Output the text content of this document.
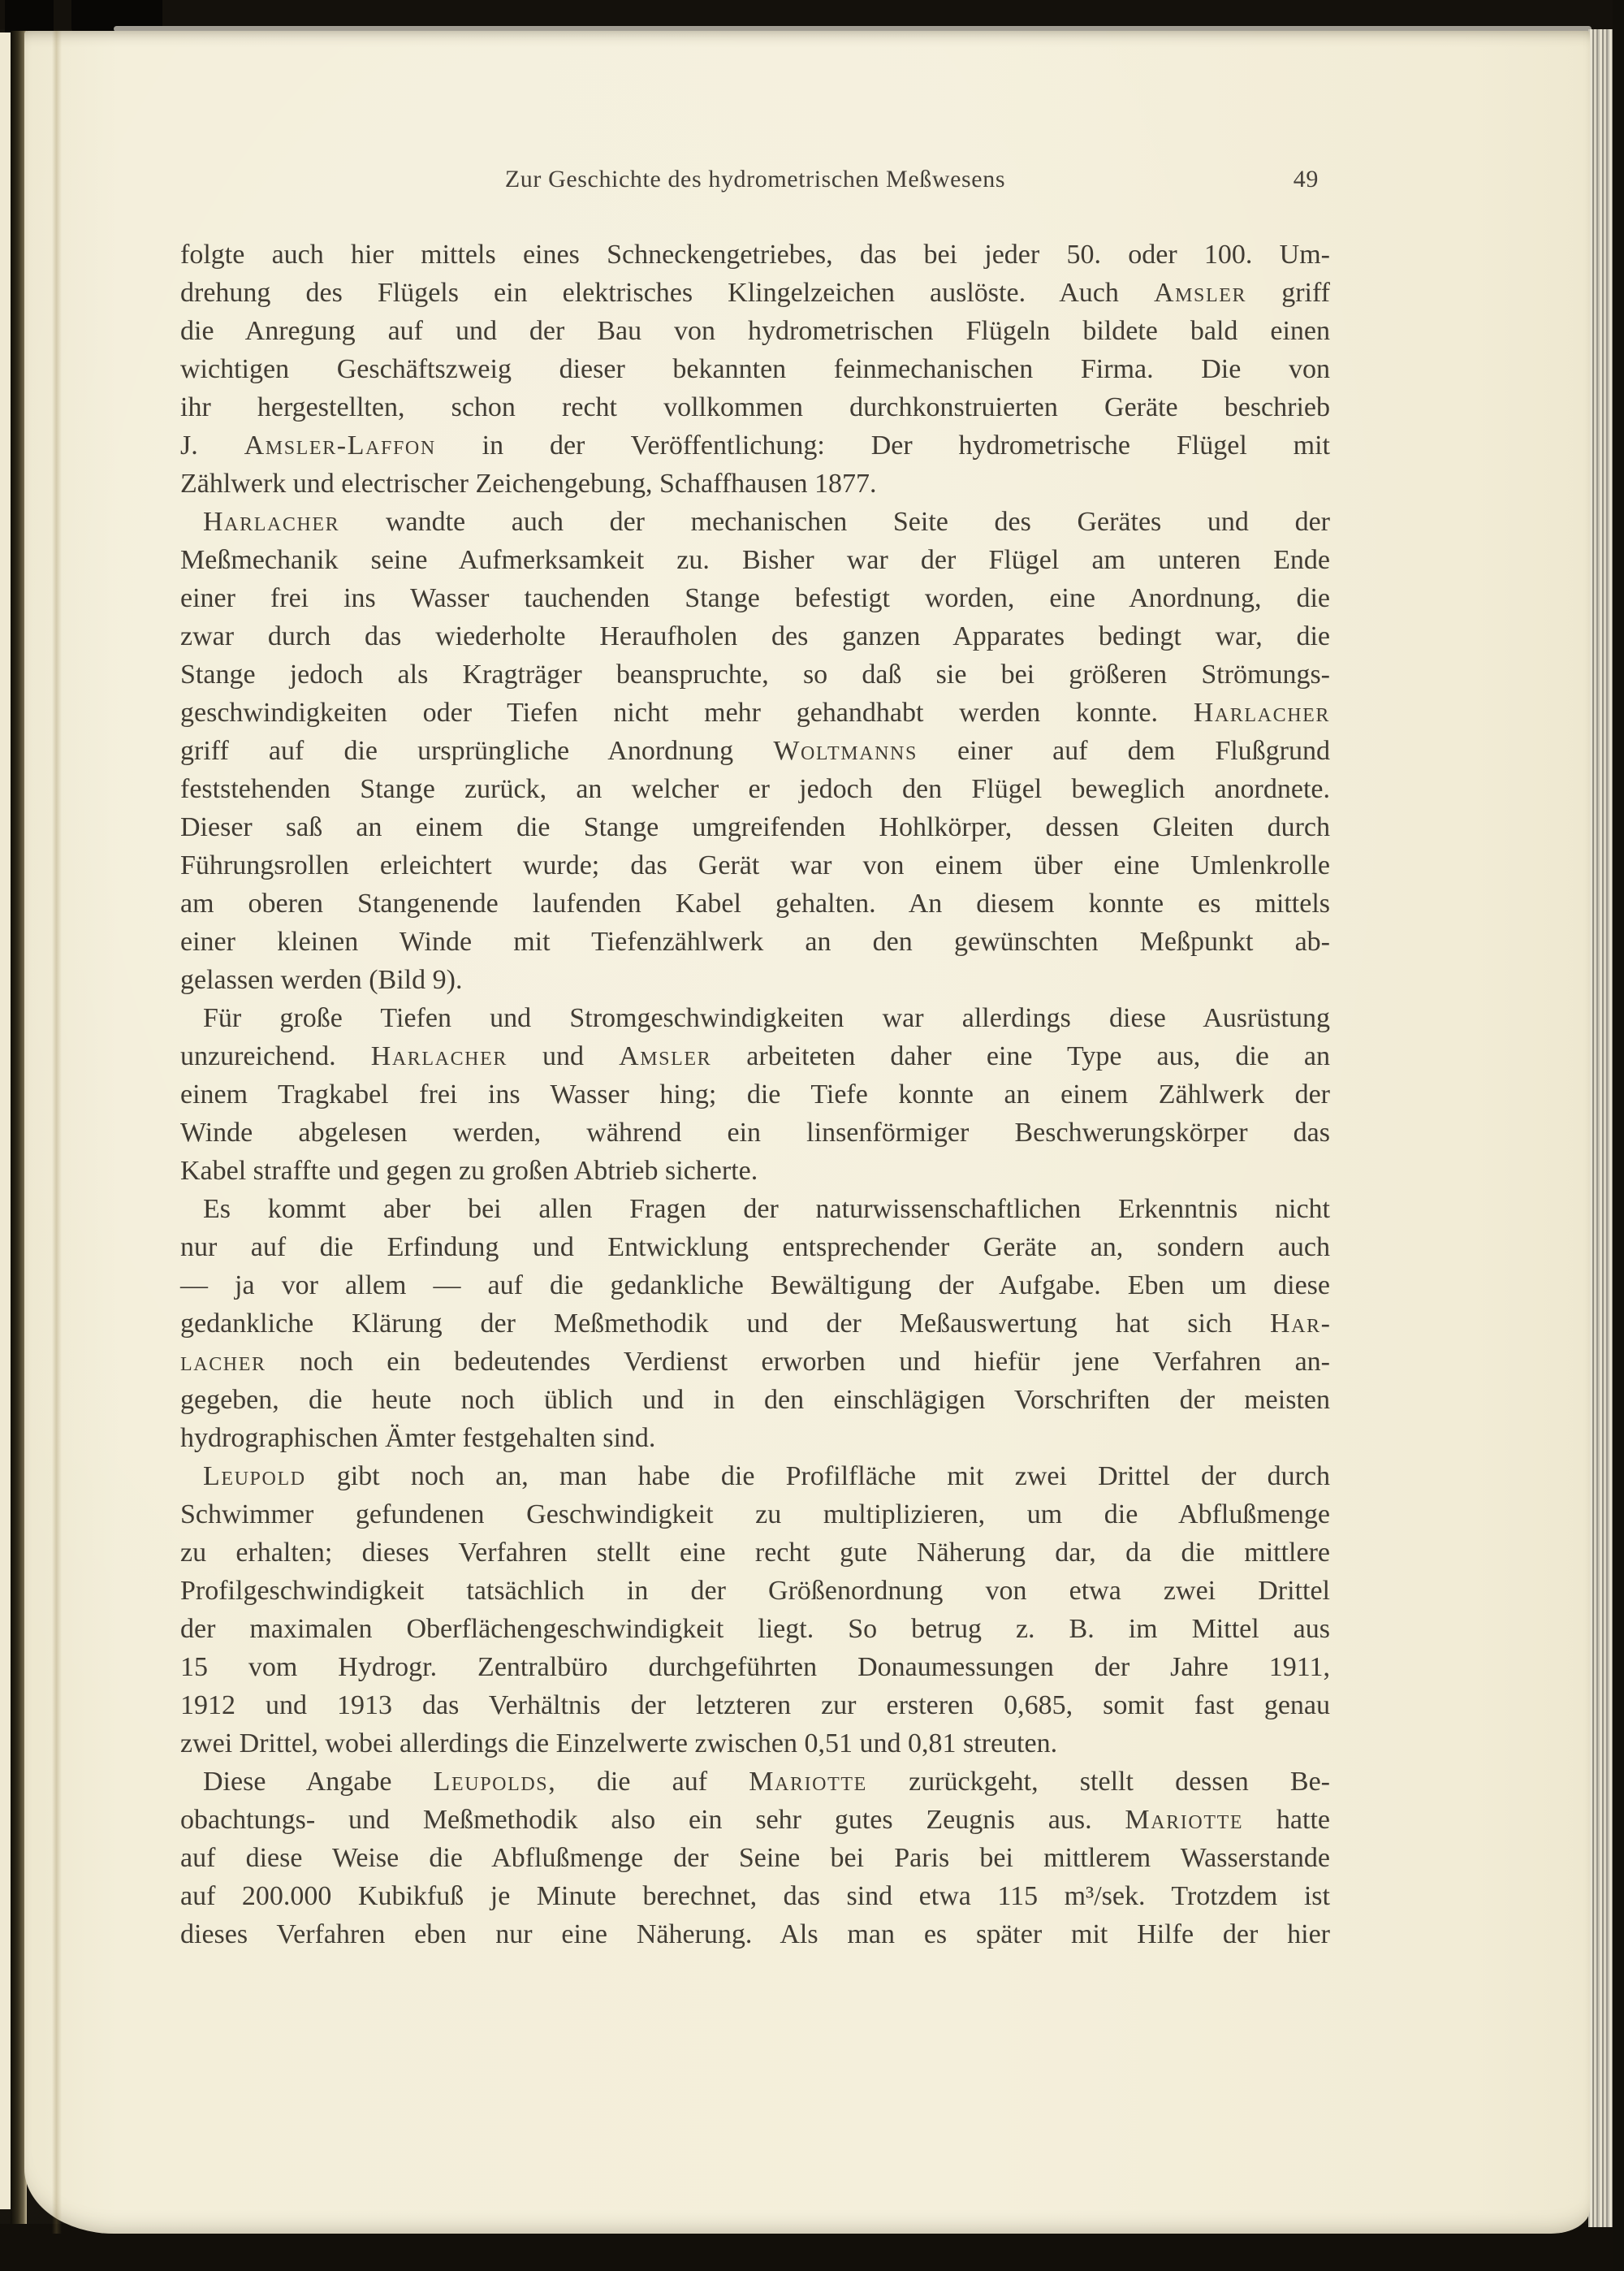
Zur Geschichte des hydrometrischen Meßwesens	49
folgte auch hier mittels eines Schneckengetriebes, das bei jeder 50. oder 100. Um-
drehung des Flügels ein elektrisches Klingelzeichen auslöste. Auch Amsler griff
die Anregung auf und der Bau von hydrometrischen Flügeln bildete bald einen
wichtigen Geschäftszweig dieser bekannten feinmechanischen Firma. Die von
ihr hergestellten, schon recht vollkommen durchkonstruierten Geräte beschrieb
J. Amsler-Laffon in der Veröffentlichung: Der hydrometrische Flügel mit
Zählwerk und electrischer Zeichengebung, Schaffhausen 1877.
Harlacher wandte auch der mechanischen Seite des Gerätes und der
Meßmechanik seine Aufmerksamkeit zu. Bisher war der Flügel am unteren Ende
einer frei ins Wasser tauchenden Stange befestigt worden, eine Anordnung, die
zwar durch das wiederholte Heraufholen des ganzen Apparates bedingt war, die
Stange jedoch als Kragträger beanspruchte, so daß sie bei größeren Strömungs-
geschwindigkeiten oder Tiefen nicht mehr gehandhabt werden konnte. Harlacher
griff auf die ursprüngliche Anordnung Woltmanns einer auf dem Flußgrund
feststehenden Stange zurück, an welcher er jedoch den Flügel beweglich anordnete.
Dieser saß an einem die Stange umgreifenden Hohlkörper, dessen Gleiten durch
Führungsrollen erleichtert wurde; das Gerät war von einem über eine Umlenkrolle
am oberen Stangenende laufenden Kabel gehalten. An diesem konnte es mittels
einer kleinen Winde mit Tiefenzählwerk an den gewünschten Meßpunkt ab-
gelassen werden (Bild 9).
Für große Tiefen und Stromgeschwindigkeiten war allerdings diese Ausrüstung
unzureichend. Harlacher und Amsler arbeiteten daher eine Type aus, die an
einem Tragkabel frei ins Wasser hing; die Tiefe konnte an einem Zählwerk der
Winde abgelesen werden, während ein linsenförmiger Beschwerungskörper das
Kabel straffte und gegen zu großen Abtrieb sicherte.
Es kommt aber bei allen Fragen der naturwissenschaftlichen Erkenntnis nicht
nur auf die Erfindung und Entwicklung entsprechender Geräte an, sondern auch
— ja vor allem — auf die gedankliche Bewältigung der Aufgabe. Eben um diese
gedankliche Klärung der Meßmethodik und der Meßauswertung hat sich Har-
lacher noch ein bedeutendes Verdienst erworben und hiefür jene Verfahren an-
gegeben, die heute noch üblich und in den einschlägigen Vorschriften der meisten
hydrographischen Ämter festgehalten sind.
Leupold gibt noch an, man habe die Profilfläche mit zwei Drittel der durch
Schwimmer gefundenen Geschwindigkeit zu multiplizieren, um die Abflußmenge
zu erhalten; dieses Verfahren stellt eine recht gute Näherung dar, da die mittlere
Profilgeschwindigkeit tatsächlich in der Größenordnung von etwa zwei Drittel
der maximalen Oberflächengeschwindigkeit liegt. So betrug z. B. im Mittel aus
15 vom Hydrogr. Zentralbüro durchgeführten Donaumessungen der Jahre 1911,
1912 und 1913 das Verhältnis der letzteren zur ersteren 0,685, somit fast genau
zwei Drittel, wobei allerdings die Einzelwerte zwischen 0,51 und 0,81 streuten.
Diese Angabe Leupolds, die auf Mariotte zurückgeht, stellt dessen Be-
obachtungs- und Meßmethodik also ein sehr gutes Zeugnis aus. Mariotte hatte
auf diese Weise die Abflußmenge der Seine bei Paris bei mittlerem Wasserstande
auf 200.000 Kubikfuß je Minute berechnet, das sind etwa 115 m³/sek. Trotzdem ist
dieses Verfahren eben nur eine Näherung. Als man es später mit Hilfe der hier
